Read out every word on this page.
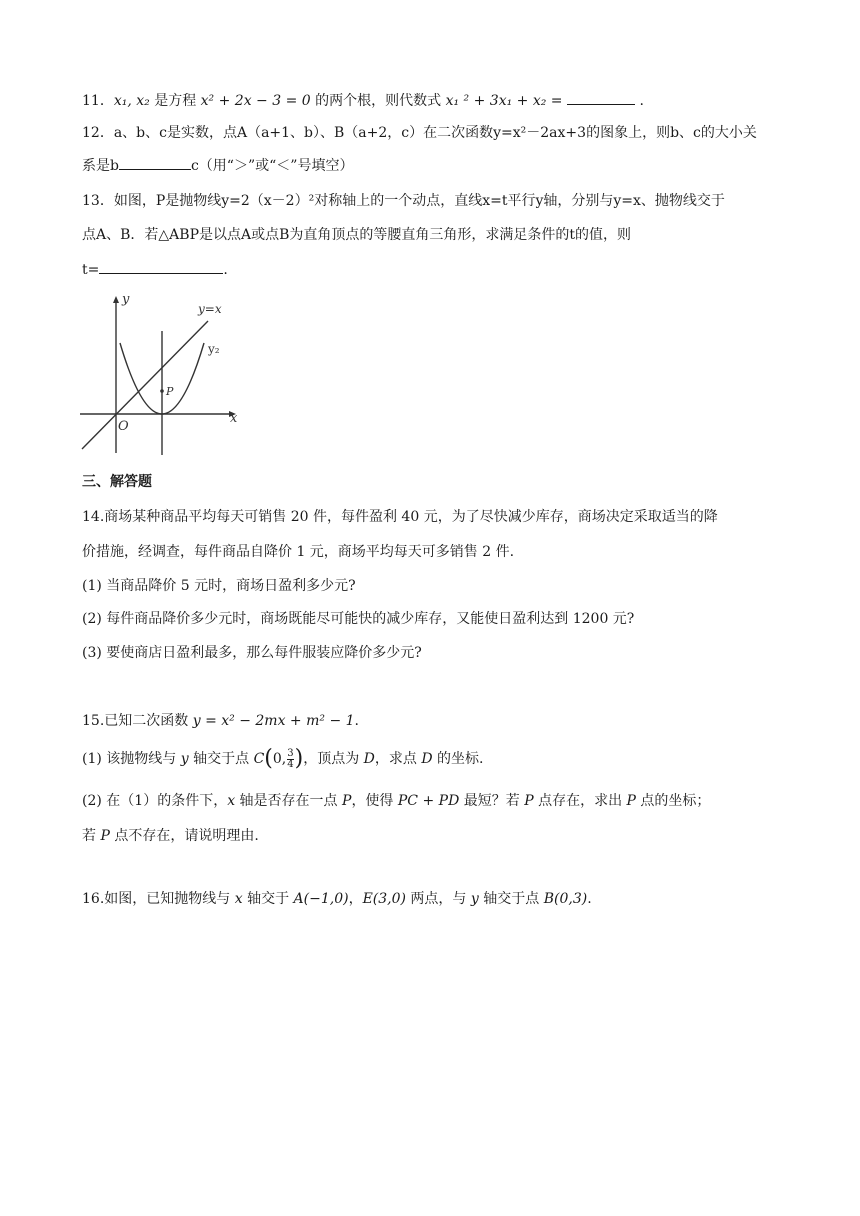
11．x₁, x₂ 是方程 x² + 2x − 3 = 0 的两个根，则代数式 x₁ ² + 3x₁ + x₂ =	.
12．a、b、c是实数，点A（a+1、b）、B（a+2，c）在二次函数y=x²－2ax+3的图象上，则b、c的大小关
系是b	c（用“＞”或“＜”号填空）
13．如图，P是抛物线y=2（x－2）²对称轴上的一个动点，直线x=t平行y轴，分别与y=x、抛物线交于
点A、B．若△ABP是以点A或点B为直角顶点的等腰直角三角形，求满足条件的t的值，则
t=	.
y
x
O
y=x
y₂
P
三、解答题
14.商场某种商品平均每天可销售 20 件，每件盈利 40 元，为了尽快减少库存，商场决定采取适当的降
价措施，经调查，每件商品自降价 1 元，商场平均每天可多销售 2 件.
(1) 当商品降价 5 元时，商场日盈利多少元?
(2) 每件商品降价多少元时，商场既能尽可能快的减少库存，又能使日盈利达到 1200 元?
(3) 要使商店日盈利最多，那么每件服装应降价多少元?
15.已知二次函数 y = x² − 2mx + m² − 1.
(1) 该抛物线与 y 轴交于点 C(0, $\frac{3}{4}$ )，顶点为 D，求点 D 的坐标.
(2) 在（1）的条件下，x 轴是否存在一点 P，使得 PC + PD 最短？若 P 点存在，求出 P 点的坐标；
若 P 点不存在，请说明理由.
16.如图，已知抛物线与 x 轴交于 A(−1,0)，E(3,0) 两点，与 y 轴交于点 B(0,3).
